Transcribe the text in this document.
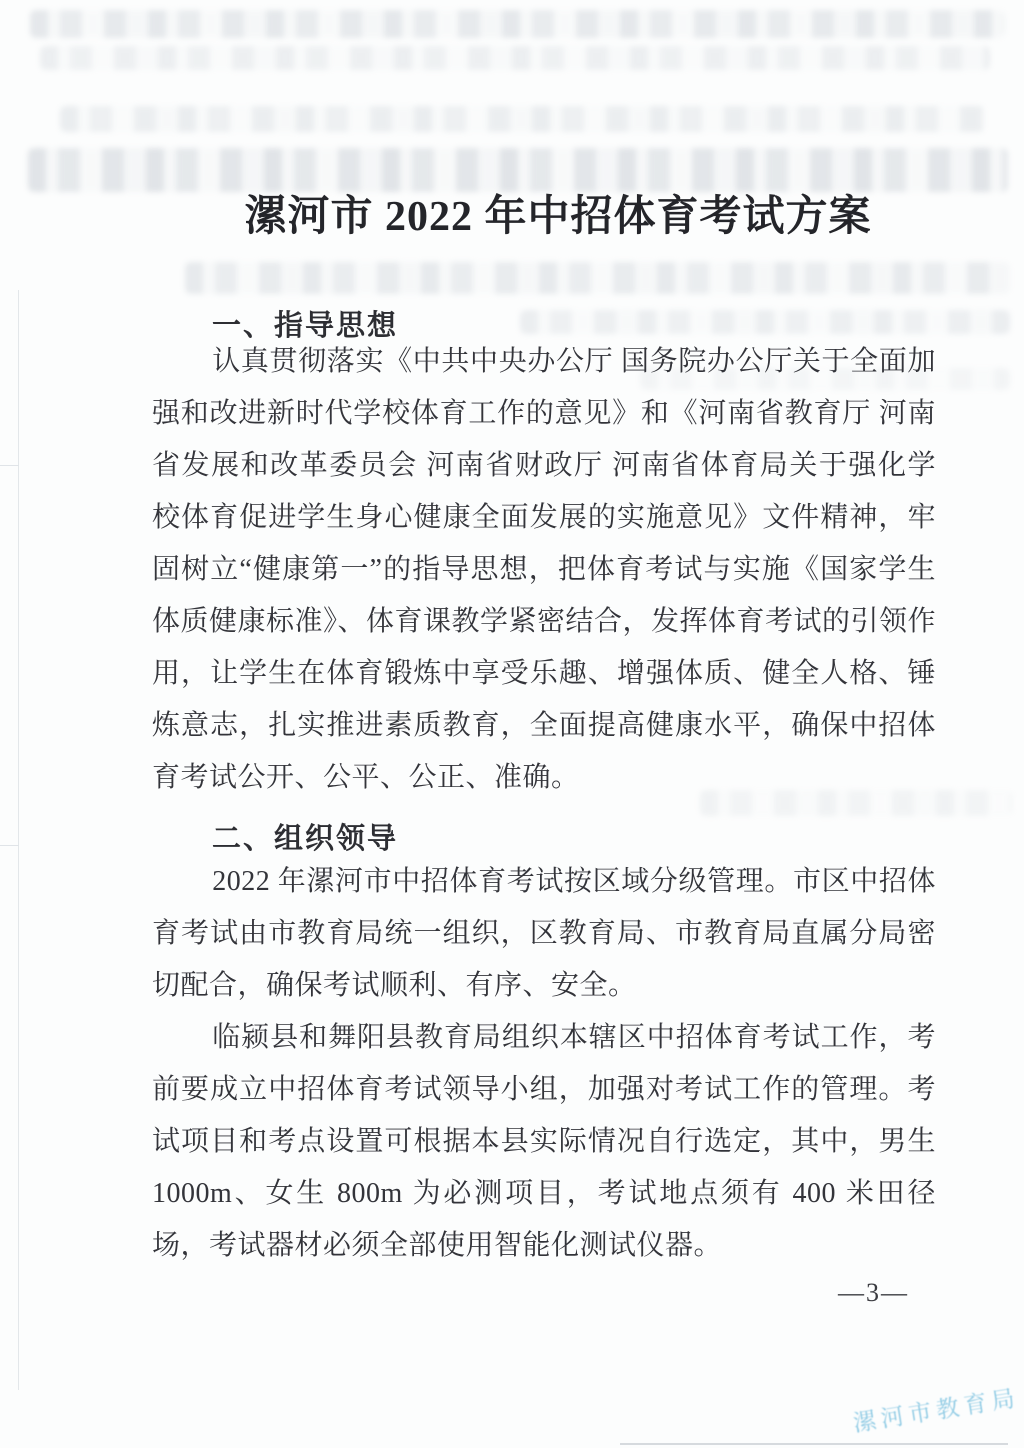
漯河市 2022 年中招体育考试方案
一、指导思想

认真贯彻落实《中共中央办公厅 国务院办公厅关于全面加强和改进新时代学校体育工作的意见》和《河南省教育厅 河南省发展和改革委员会 河南省财政厅 河南省体育局关于强化学校体育促进学生身心健康全面发展的实施意见》文件精神，牢固树立“健康第一”的指导思想，把体育考试与实施《国家学生体质健康标准》、体育课教学紧密结合，发挥体育考试的引领作用，让学生在体育锻炼中享受乐趣、增强体质、健全人格、锤炼意志，扎实推进素质教育，全面提高健康水平，确保中招体育考试公开、公平、公正、准确。

二、组织领导

2022 年漯河市中招体育考试按区域分级管理。市区中招体育考试由市教育局统一组织，区教育局、市教育局直属分局密切配合，确保考试顺利、有序、安全。

临颍县和舞阳县教育局组织本辖区中招体育考试工作，考前要成立中招体育考试领导小组，加强对考试工作的管理。考试项目和考点设置可根据本县实际情况自行选定，其中，男生 1000m、女生 800m 为必测项目，考试地点须有 400 米田径场，考试器材必须全部使用智能化测试仪器。

—3—
漯河市教育局
